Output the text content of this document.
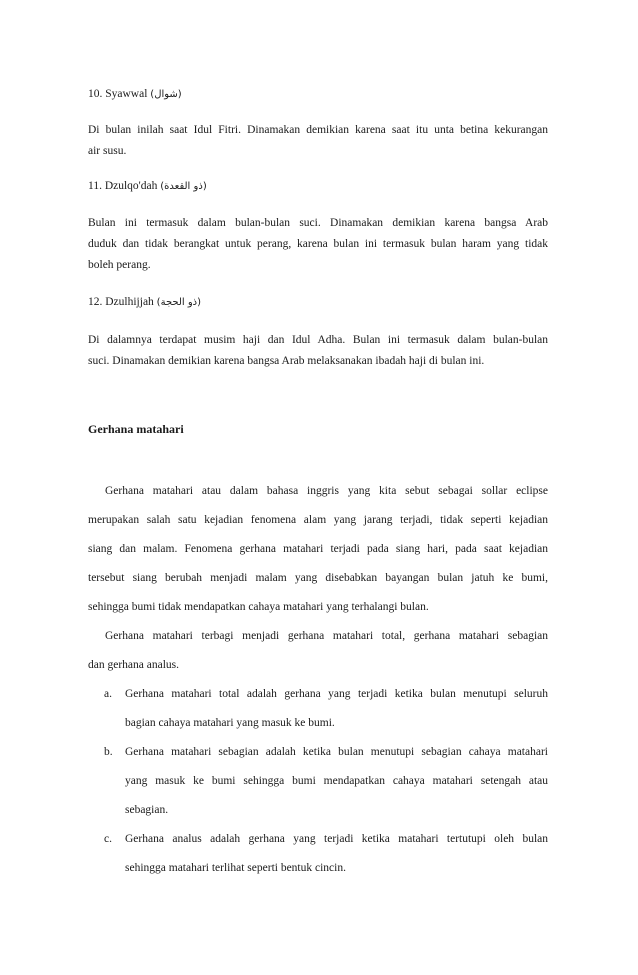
10. Syawwal (شوال)

Di bulan inilah saat Idul Fitri. Dinamakan demikian karena saat itu unta betina kekurangan
air susu.

11. Dzulqo'dah (ذو القعدة)

Bulan ini termasuk dalam bulan-bulan suci. Dinamakan demikian karena bangsa Arab
duduk dan tidak berangkat untuk perang, karena bulan ini termasuk bulan haram yang tidak
boleh perang.

12. Dzulhijjah (ذو الحجة)

Di dalamnya terdapat musim haji dan Idul Adha. Bulan ini termasuk dalam bulan-bulan
suci. Dinamakan demikian karena bangsa Arab melaksanakan ibadah haji di bulan ini.

Gerhana matahari

Gerhana matahari atau dalam bahasa inggris yang kita sebut sebagai sollar eclipse
merupakan salah satu kejadian fenomena alam yang jarang terjadi, tidak seperti kejadian
siang dan malam. Fenomena gerhana matahari terjadi pada siang hari, pada saat kejadian
tersebut siang berubah menjadi malam yang disebabkan bayangan bulan jatuh ke bumi,
sehingga bumi tidak mendapatkan cahaya matahari yang terhalangi bulan.
Gerhana matahari terbagi menjadi gerhana matahari total, gerhana matahari sebagian
dan gerhana analus.
a. Gerhana matahari total adalah gerhana yang terjadi ketika bulan menutupi seluruh
bagian cahaya matahari yang masuk ke bumi.
b. Gerhana matahari sebagian adalah ketika bulan menutupi sebagian cahaya matahari
yang masuk ke bumi sehingga bumi mendapatkan cahaya matahari setengah atau
sebagian.
c. Gerhana analus adalah gerhana yang terjadi ketika matahari tertutupi oleh bulan
sehingga matahari terlihat seperti bentuk cincin.
